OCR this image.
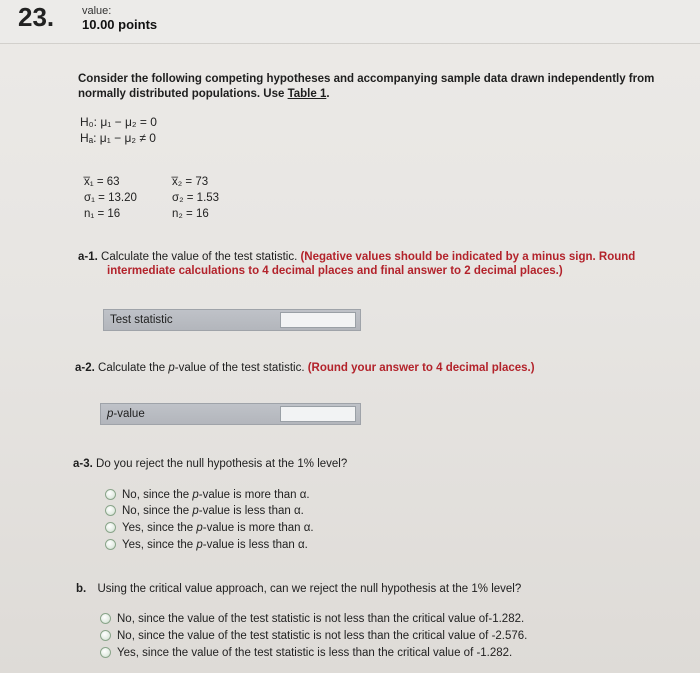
23.	value:
10.00 points
Consider the following competing hypotheses and accompanying sample data drawn independently from normally distributed populations. Use Table 1.
H₀: μ₁ − μ₂ = 0
Hₐ: μ₁ − μ₂ ≠ 0
x̅₁ = 63
σ₁ = 13.20
n₁ = 16
x̅₂ = 73
σ₂ = 1.53
n₂ = 16
a-1. Calculate the value of the test statistic. (Negative values should be indicated by a minus sign. Round
intermediate calculations to 4 decimal places and final answer to 2 decimal places.)
Test statistic
a-2. Calculate the p-value of the test statistic. (Round your answer to 4 decimal places.)
p-value
a-3. Do you reject the null hypothesis at the 1% level?
No, since the p-value is more than α.
No, since the p-value is less than α.
Yes, since the p-value is more than α.
Yes, since the p-value is less than α.
b. Using the critical value approach, can we reject the null hypothesis at the 1% level?
No, since the value of the test statistic is not less than the critical value of-1.282.
No, since the value of the test statistic is not less than the critical value of -2.576.
Yes, since the value of the test statistic is less than the critical value of -1.282.
